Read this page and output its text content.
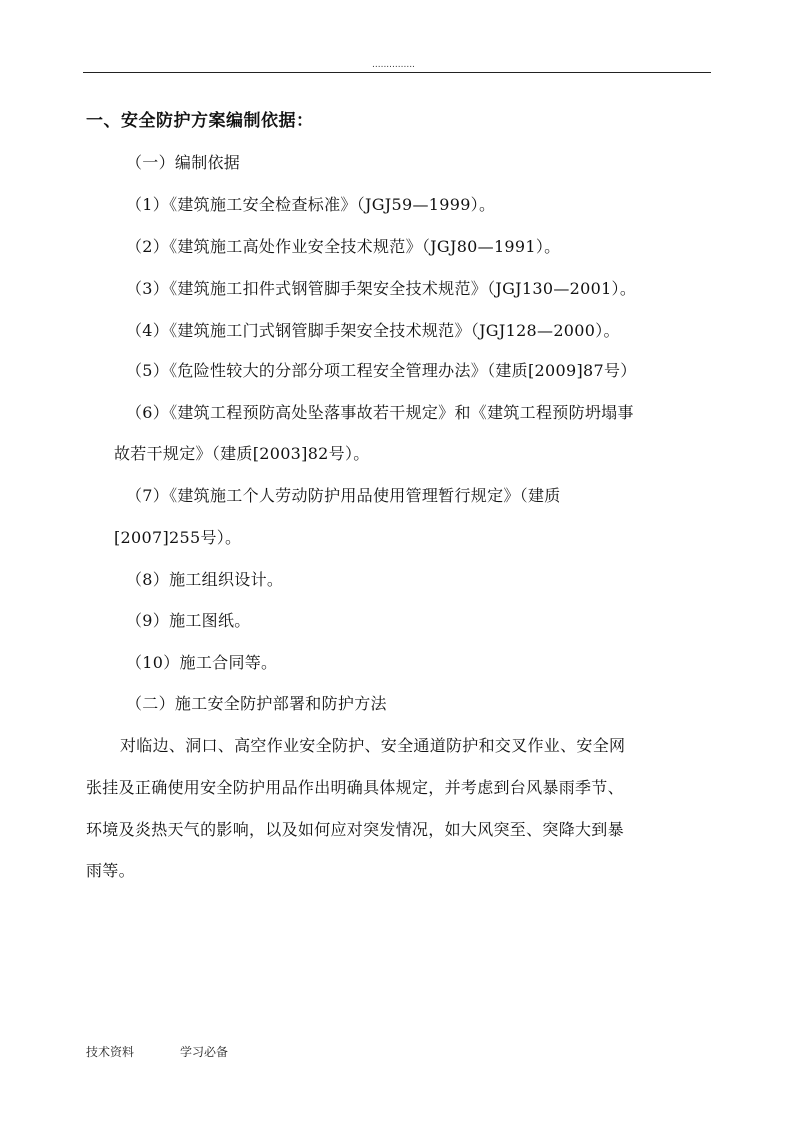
...............
一、安全防护方案编制依据：
（一）编制依据
（1）《建筑施工安全检查标准》（JGJ59—1999）。
（2）《建筑施工高处作业安全技术规范》（JGJ80—1991）。
（3）《建筑施工扣件式钢管脚手架安全技术规范》（JGJ130—2001）。
（4）《建筑施工门式钢管脚手架安全技术规范》（JGJ128—2000）。
（5）《危险性较大的分部分项工程安全管理办法》（建质[2009]87号）
（6）《建筑工程预防高处坠落事故若干规定》和《建筑工程预防坍塌事
故若干规定》（建质[2003]82号）。
（7）《建筑施工个人劳动防护用品使用管理暂行规定》（建质
[2007]255号）。
（8）施工组织设计。
（9）施工图纸。
（10）施工合同等。
（二）施工安全防护部署和防护方法
对临边、洞口、高空作业安全防护、安全通道防护和交叉作业、安全网
张挂及正确使用安全防护用品作出明确具体规定，并考虑到台风暴雨季节、
环境及炎热天气的影响，以及如何应对突发情况，如大风突至、突降大到暴
雨等。
技术资料	学习必备
